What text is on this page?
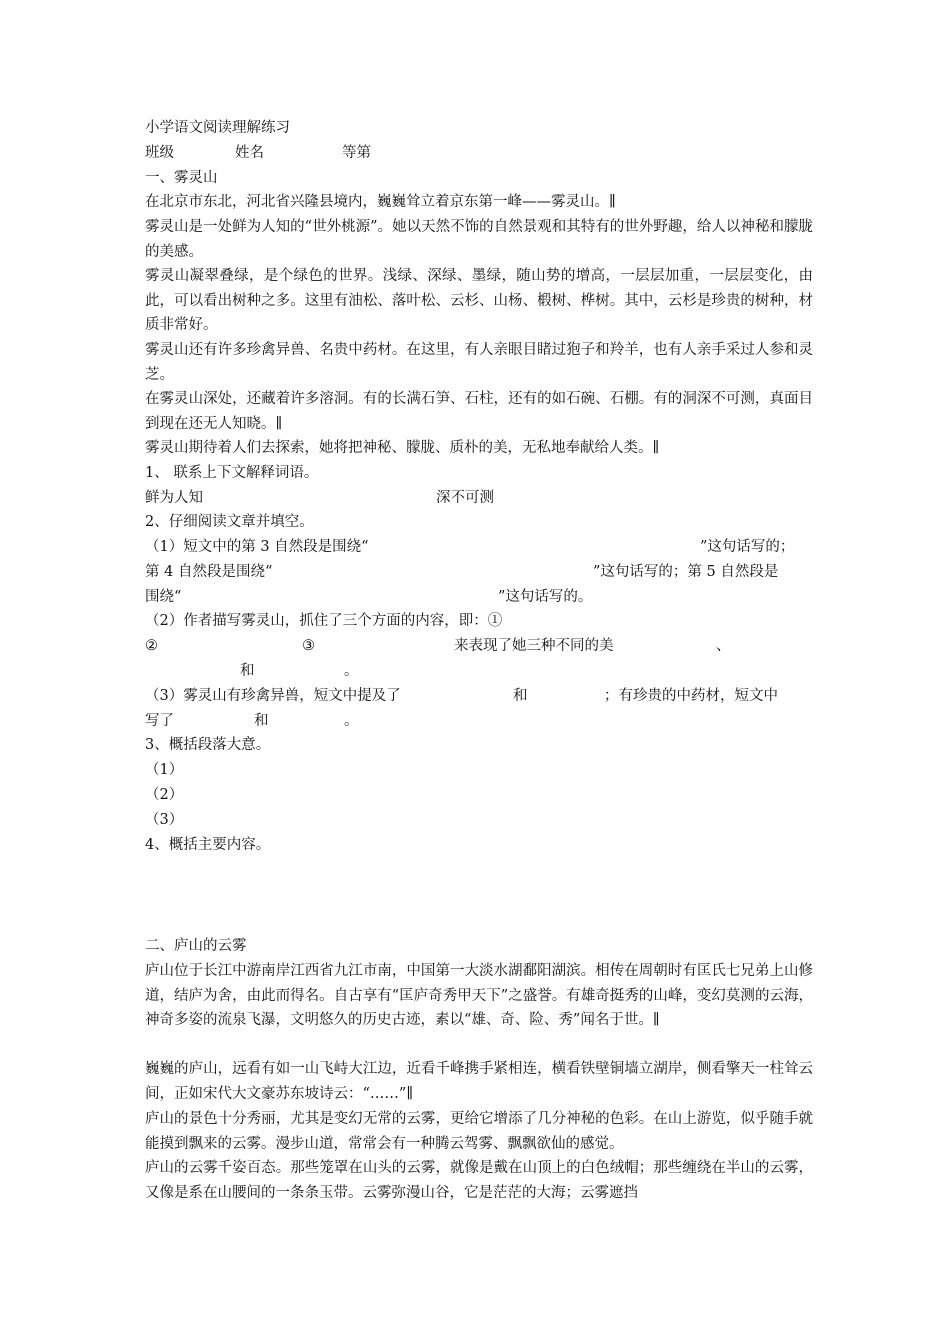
小学语文阅读理解练习

班级	姓名	等第

一、雾灵山

在北京市东北，河北省兴隆县境内，巍巍耸立着京东第一峰——雾灵山。∥

雾灵山是一处鲜为人知的“世外桃源”。她以天然不饰的自然景观和其特有的世外野趣，给人以神秘和朦胧的美感。

雾灵山凝翠叠绿，是个绿色的世界。浅绿、深绿、墨绿，随山势的增高，一层层加重，一层层变化，由此，可以看出树种之多。这里有油松、落叶松、云杉、山杨、椴树、桦树。其中，云杉是珍贵的树种，材质非常好。

雾灵山还有许多珍禽异兽、名贵中药材。在这里，有人亲眼目睹过狍子和羚羊，也有人亲手采过人参和灵芝。

在雾灵山深处，还藏着许多溶洞。有的长满石笋、石柱，还有的如石碗、石棚。有的洞深不可测，真面目到现在还无人知晓。∥

雾灵山期待着人们去探索，她将把神秘、朦胧、质朴的美，无私地奉献给人类。∥

1、 联系上下文解释词语。

鲜为人知	深不可测

2、仔细阅读文章并填空。

（1）短文中的第 3 自然段是围绕“	”这句话写的；
第 4 自然段是围绕“	”这句话写的；第 5 自然段是
围绕“	”这句话写的。
（2）作者描写雾灵山，抓住了三个方面的内容，即：①
②	③	来表现了她三种不同的美	、
和	。
（3）雾灵山有珍禽异兽，短文中提及了	和	；有珍贵的中药材，短文中
写了	和	。

3、概括段落大意。

（1）

（2）

（3）

4、概括主要内容。

二、庐山的云雾

庐山位于长江中游南岸江西省九江市南，中国第一大淡水湖鄱阳湖滨。相传在周朝时有匡氏七兄弟上山修道，结庐为舍，由此而得名。自古享有“匡庐奇秀甲天下”之盛誉。有雄奇挺秀的山峰，变幻莫测的云海，神奇多姿的流泉飞瀑，文明悠久的历史古迹，素以“雄、奇、险、秀”闻名于世。∥

巍巍的庐山，远看有如一山飞峙大江边，近看千峰携手紧相连，横看铁壁铜墙立湖岸，侧看擎天一柱耸云间，正如宋代大文豪苏东坡诗云：“……”∥

庐山的景色十分秀丽，尤其是变幻无常的云雾，更给它增添了几分神秘的色彩。在山上游览，似乎随手就能摸到飘来的云雾。漫步山道，常常会有一种腾云驾雾、飘飘欲仙的感觉。

庐山的云雾千姿百态。那些笼罩在山头的云雾，就像是戴在山顶上的白色绒帽；那些缠绕在半山的云雾，又像是系在山腰间的一条条玉带。云雾弥漫山谷，它是茫茫的大海；云雾遮挡
